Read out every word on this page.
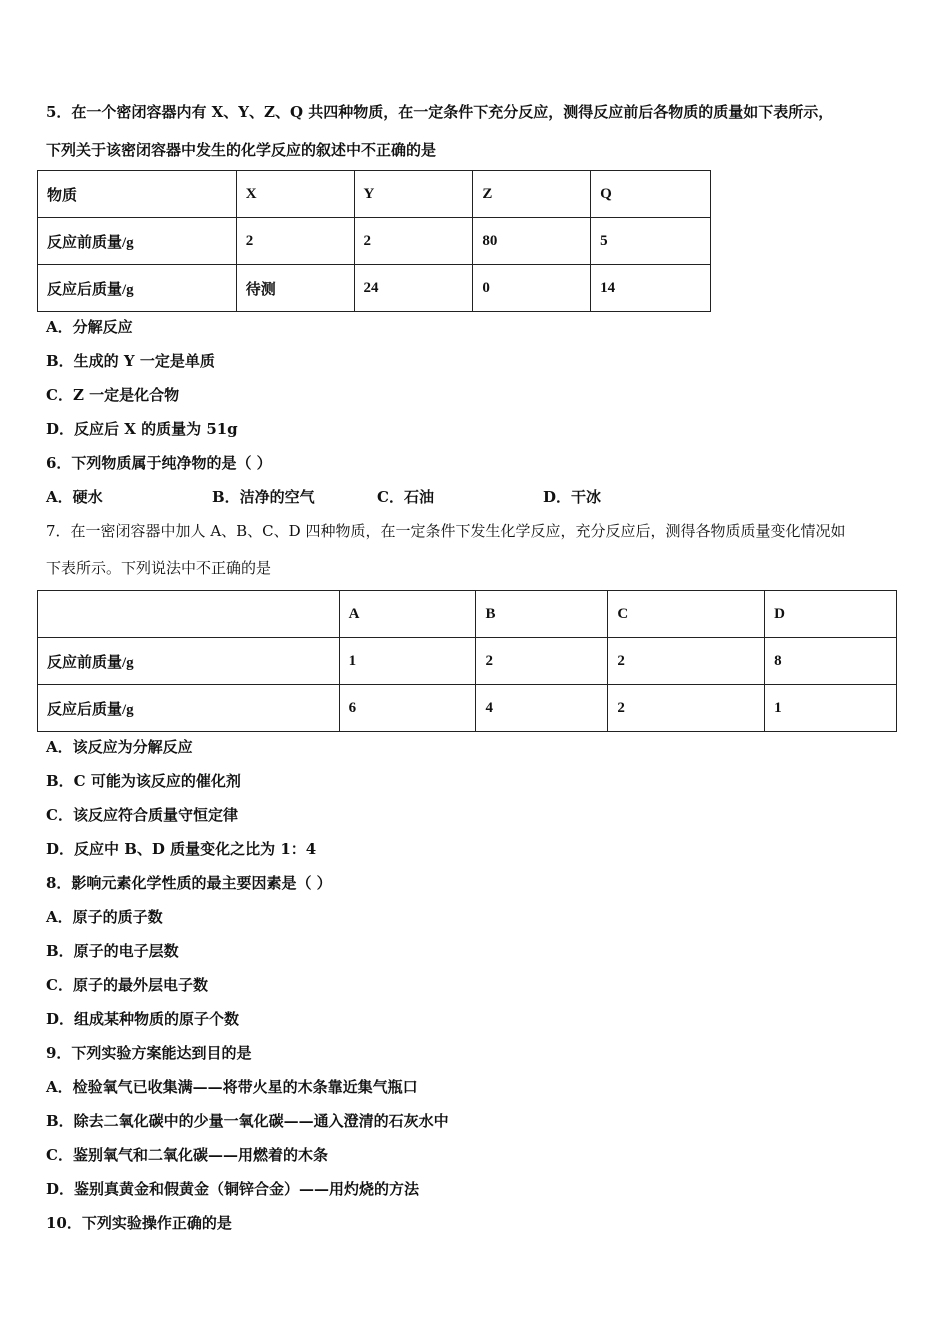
5．在一个密闭容器内有 X、Y、Z、Q 共四种物质，在一定条件下充分反应，测得反应前后各物质的质量如下表所示，
下列关于该密闭容器中发生的化学反应的叙述中不正确的是
物质	X	Y	Z	Q
反应前质量/g	2	2	80	5
反应后质量/g	待测	24	0	14
A．分解反应
B．生成的 Y 一定是单质
C．Z 一定是化合物
D．反应后 X 的质量为 51g
6．下列物质属于纯净物的是（ ）
A．硬水	B．洁净的空气	C．石油	D．干冰
7．在一密闭容器中加人 A、B、C、D 四种物质，在一定条件下发生化学反应，充分反应后，测得各物质质量变化情况如
下表所示。下列说法中不正确的是
	A	B	C	D
反应前质量/g	1	2	2	8
反应后质量/g	6	4	2	1
A．该反应为分解反应
B．C 可能为该反应的催化剂
C．该反应符合质量守恒定律
D．反应中 B、D 质量变化之比为 1：4
8．影响元素化学性质的最主要因素是（ ）
A．原子的质子数
B．原子的电子层数
C．原子的最外层电子数
D．组成某种物质的原子个数
9．下列实验方案能达到目的是
A．检验氧气已收集满——将带火星的木条靠近集气瓶口
B．除去二氧化碳中的少量一氧化碳——通入澄清的石灰水中
C．鉴别氧气和二氧化碳——用燃着的木条
D．鉴别真黄金和假黄金（铜锌合金）——用灼烧的方法
10．下列实验操作正确的是
